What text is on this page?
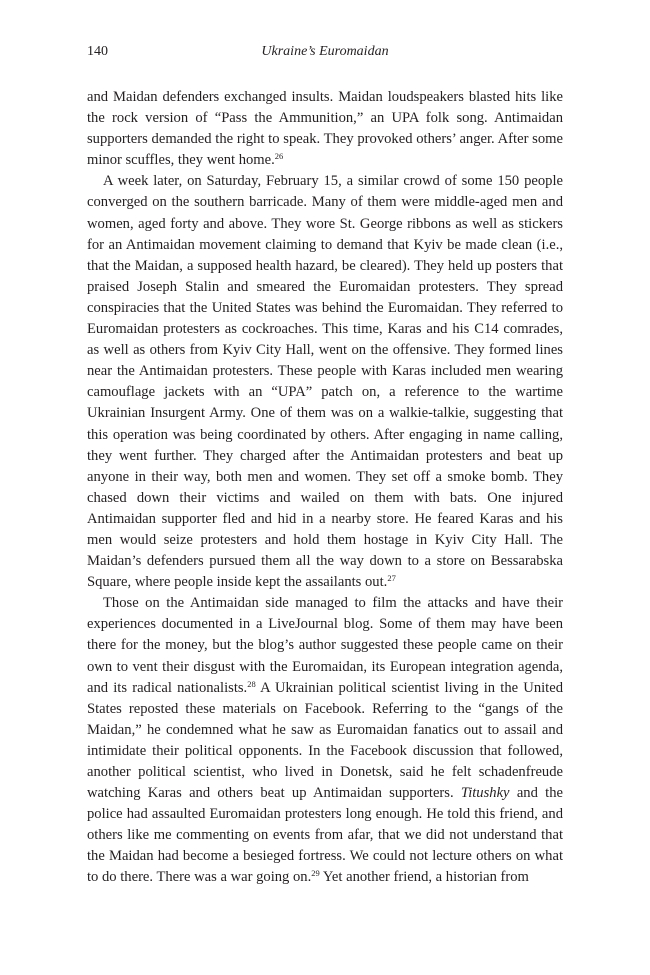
140	Ukraine’s Euromaidan

and Maidan defenders exchanged insults. Maidan loudspeakers blasted hits like the rock version of “Pass the Ammunition,” an UPA folk song. Antimaidan supporters demanded the right to speak. They provoked others’ anger. After some minor scuffles, they went home.$^{26}$

A week later, on Saturday, February 15, a similar crowd of some 150 people converged on the southern barricade. Many of them were middle-aged men and women, aged forty and above. They wore St. George ribbons as well as stickers for an Antimaidan movement claiming to demand that Kyiv be made clean (i.e., that the Maidan, a supposed health hazard, be cleared). They held up posters that praised Joseph Stalin and smeared the Euromaidan protesters. They spread conspiracies that the United States was behind the Euromaidan. They referred to Euromaidan protesters as cockroaches. This time, Karas and his C14 comrades, as well as others from Kyiv City Hall, went on the offensive. They formed lines near the Antimaidan protesters. These people with Karas included men wearing camouflage jackets with an “UPA” patch on, a reference to the wartime Ukrainian Insurgent Army. One of them was on a walkie-talkie, suggesting that this operation was being coordinated by others. After engaging in name calling, they went further. They charged after the Antimaidan protesters and beat up anyone in their way, both men and women. They set off a smoke bomb. They chased down their victims and wailed on them with bats. One injured Antimaidan supporter fled and hid in a nearby store. He feared Karas and his men would seize protesters and hold them hostage in Kyiv City Hall. The Maidan’s defenders pursued them all the way down to a store on Bessarabska Square, where people inside kept the assailants out.$^{27}$

Those on the Antimaidan side managed to film the attacks and have their experiences documented in a LiveJournal blog. Some of them may have been there for the money, but the blog’s author suggested these people came on their own to vent their disgust with the Euromaidan, its European integration agenda, and its radical nationalists.$^{28}$ A Ukrainian political scientist living in the United States reposted these materials on Facebook. Referring to the “gangs of the Maidan,” he condemned what he saw as Euromaidan fanatics out to assail and intimidate their political opponents. In the Facebook discussion that followed, another political scientist, who lived in Donetsk, said he felt schadenfreude watching Karas and others beat up Antimaidan supporters. Titushky and the police had assaulted Euromaidan protesters long enough. He told this friend, and others like me commenting on events from afar, that we did not understand that the Maidan had become a besieged fortress. We could not lecture others on what to do there. There was a war going on.$^{29}$ Yet another friend, a historian from
